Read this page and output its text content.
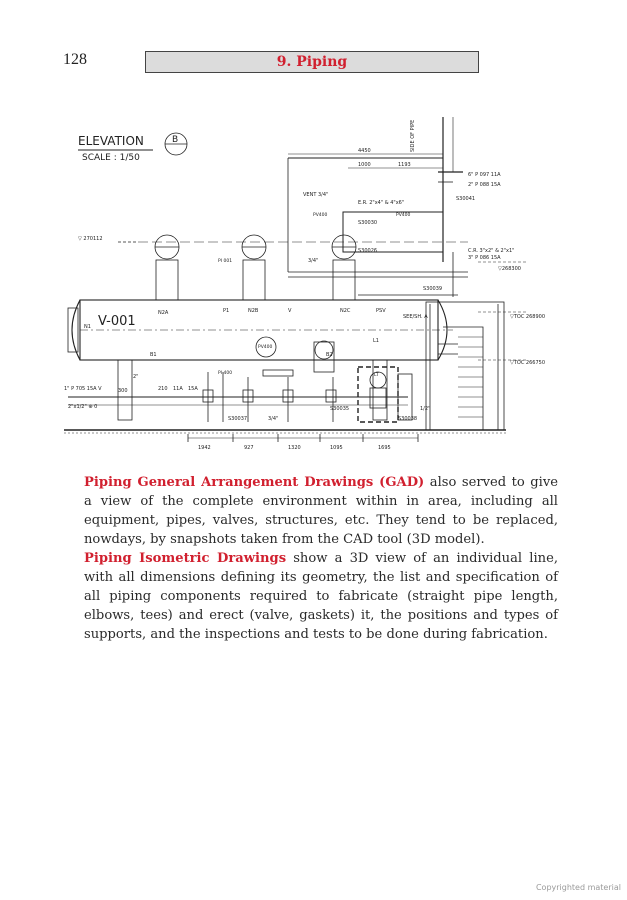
128	9. Piping
ELEVATION	B
SCALE : 1/50
V-001
SIDE OF PIPE
4450
1000	1193
1942	927	1320	1095	1695
6" P 097 11A
2" P 088 15A
C.R. 3"x2" & 2"x1"
3" P 086 15A
1" P 705 15A V
2"x1/2" ⊕ 0
▽268300
▽TOC 268900
▽TOC 266750
▽ 270112
N2A	P1	N2B	V	N2C	PSV
N1
B1	B2
L1
S30041
S30026
S30030
S30039
S30035
S30037	S30038
PV400	PV400
PI 001
PV400
PI 400	LT
VENT 3/4"
E.R. 2"x4" & 4"x6"
SEE/SH. A
3/4"
300	210 11A 15A
2"
3/4"
1/2"

Piping General Arrangement Drawings (GAD) also served to give a view of the complete environment within in area, including all equipment, pipes, valves, structures, etc. They tend to be replaced, nowdays, by snapshots taken from the CAD tool (3D model).

Piping Isometric Drawings show a 3D view of an individual line, with all dimensions defining its geometry, the list and specification of all piping components required to fabricate (straight pipe length, elbows, tees) and erect (valve, gaskets) it, the positions and types of supports, and the inspections and tests to be done during fabrication.

Copyrighted material
